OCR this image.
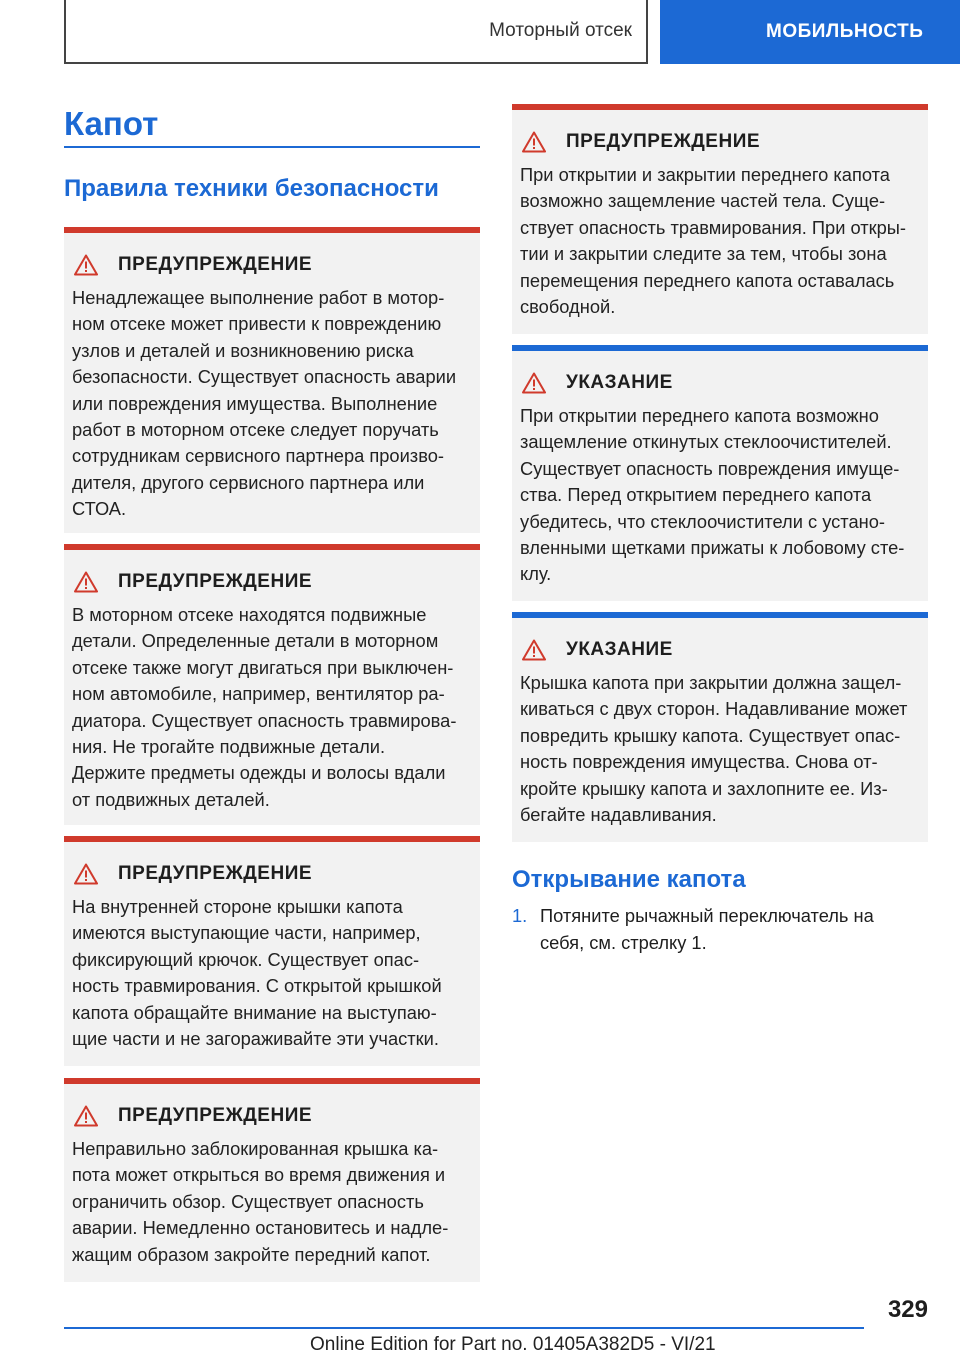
Моторный отсек	МОБИЛЬНОСТЬ
Капот
Правила техники безопасности
ПРЕДУПРЕЖДЕНИЕ
Ненадлежащее выполнение работ в мотор-
ном отсеке может привести к повреждению
узлов и деталей и возникновению риска
безопасности. Существует опасность аварии
или повреждения имущества. Выполнение
работ в моторном отсеке следует поручать
сотрудникам сервисного партнера произво-
дителя, другого сервисного партнера или
СТОА.
ПРЕДУПРЕЖДЕНИЕ
В моторном отсеке находятся подвижные
детали. Определенные детали в моторном
отсеке также могут двигаться при выключен-
ном автомобиле, например, вентилятор ра-
диатора. Существует опасность травмирова-
ния. Не трогайте подвижные детали.
Держите предметы одежды и волосы вдали
от подвижных деталей.
ПРЕДУПРЕЖДЕНИЕ
На внутренней стороне крышки капота
имеются выступающие части, например,
фиксирующий крючок. Существует опас-
ность травмирования. С открытой крышкой
капота обращайте внимание на выступаю-
щие части и не загораживайте эти участки.
ПРЕДУПРЕЖДЕНИЕ
Неправильно заблокированная крышка ка-
пота может открыться во время движения и
ограничить обзор. Существует опасность
аварии. Немедленно остановитесь и надле-
жащим образом закройте передний капот.
ПРЕДУПРЕЖДЕНИЕ
При открытии и закрытии переднего капота
возможно защемление частей тела. Суще-
ствует опасность травмирования. При откры-
тии и закрытии следите за тем, чтобы зона
перемещения переднего капота оставалась
свободной.
УКАЗАНИЕ
При открытии переднего капота возможно
защемление откинутых стеклоочистителей.
Существует опасность повреждения имуще-
ства. Перед открытием переднего капота
убедитесь, что стеклоочистители с устано-
вленными щетками прижаты к лобовому сте-
клу.
УКАЗАНИЕ
Крышка капота при закрытии должна защел-
киваться с двух сторон. Надавливание может
повредить крышку капота. Существует опас-
ность повреждения имущества. Снова от-
кройте крышку капота и захлопните ее. Из-
бегайте надавливания.
Открывание капота
1. Потяните рычажный переключатель на
себя, см. стрелку 1.
329
Online Edition for Part no. 01405A382D5 - VI/21
